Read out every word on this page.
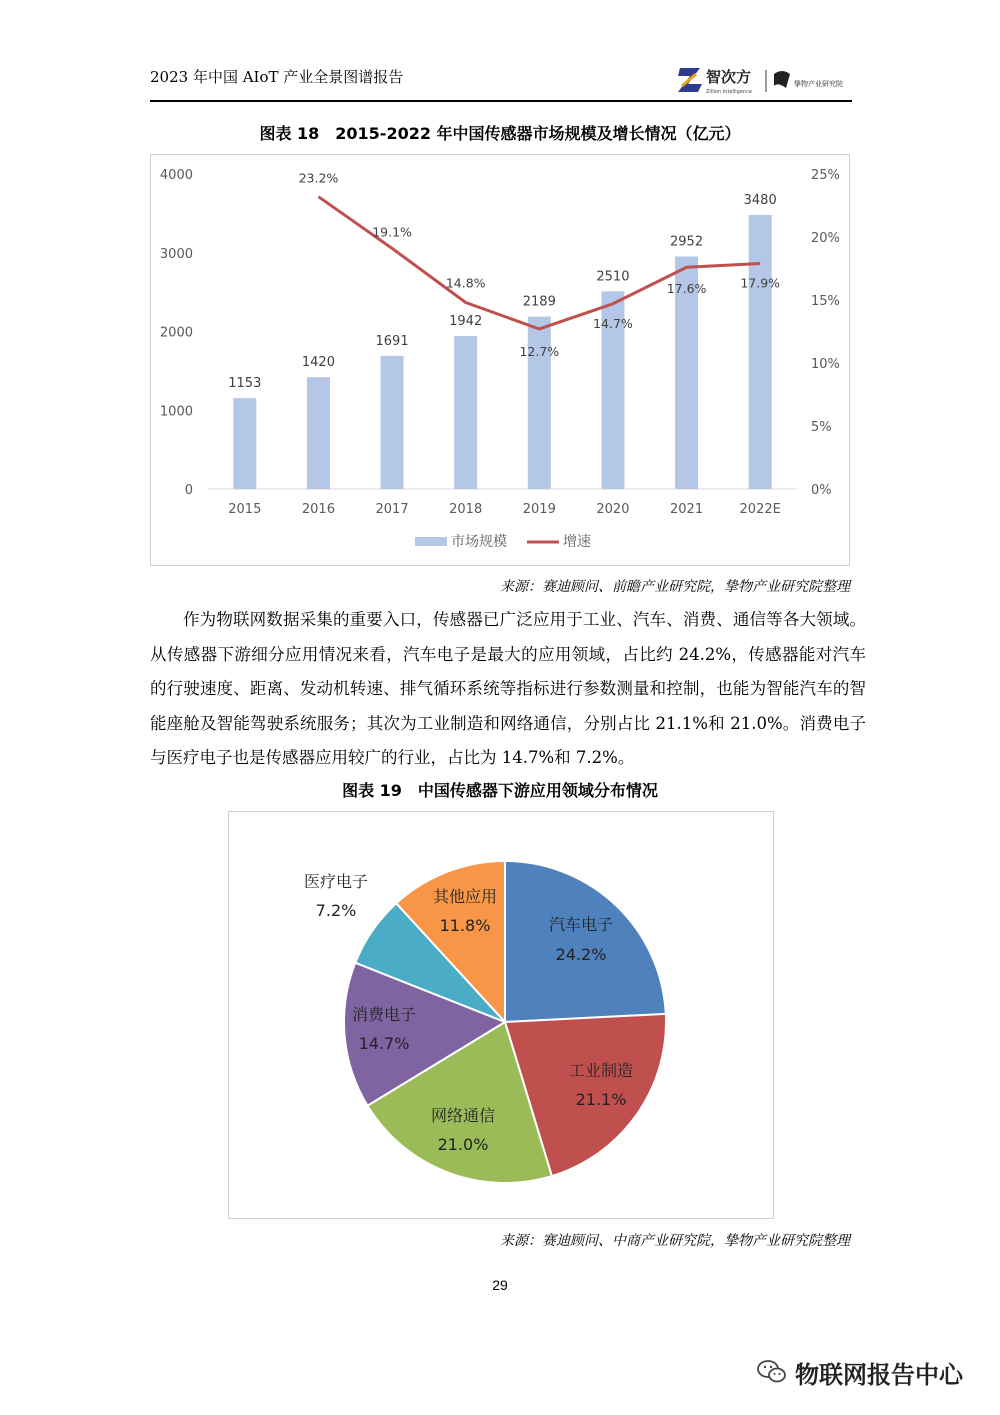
2023 年中国 AIoT 产业全景图谱报告	智次方
Zillion Intelligence
挚物产业研究院
图表 18　2015-2022 年中国传感器市场规模及增长情况（亿元）
0
1000
2000
3000
4000
0%
5%
10%
15%
20%
25%
1153
2015
1420
2016
1691
2017
1942
2018
2189
2019
2510
2020
2952
2021
3480
2022E
23.2%
19.1%
14.8%
12.7%
14.7%
17.6%	17.9%
市场规模	增速
来源：赛迪顾问、前瞻产业研究院，挚物产业研究院整理

作为物联网数据采集的重要入口，传感器已广泛应用于工业、汽车、消费、通信等各大领域。从传感器下游细分应用情况来看，汽车电子是最大的应用领域，占比约 24.2%，传感器能对汽车的行驶速度、距离、发动机转速、排气循环系统等指标进行参数测量和控制，也能为智能汽车的智能座舱及智能驾驶系统服务；其次为工业制造和网络通信，分别占比 21.1%和 21.0%。消费电子与医疗电子也是传感器应用较广的行业，占比为 14.7%和 7.2%。

图表 19　中国传感器下游应用领域分布情况
汽车电子
24.2%
工业制造
21.1%
网络通信
21.0%
消费电子
14.7%
医疗电子
7.2%
其他应用
11.8%
来源：赛迪顾问、中商产业研究院，挚物产业研究院整理
29
物联网报告中心
